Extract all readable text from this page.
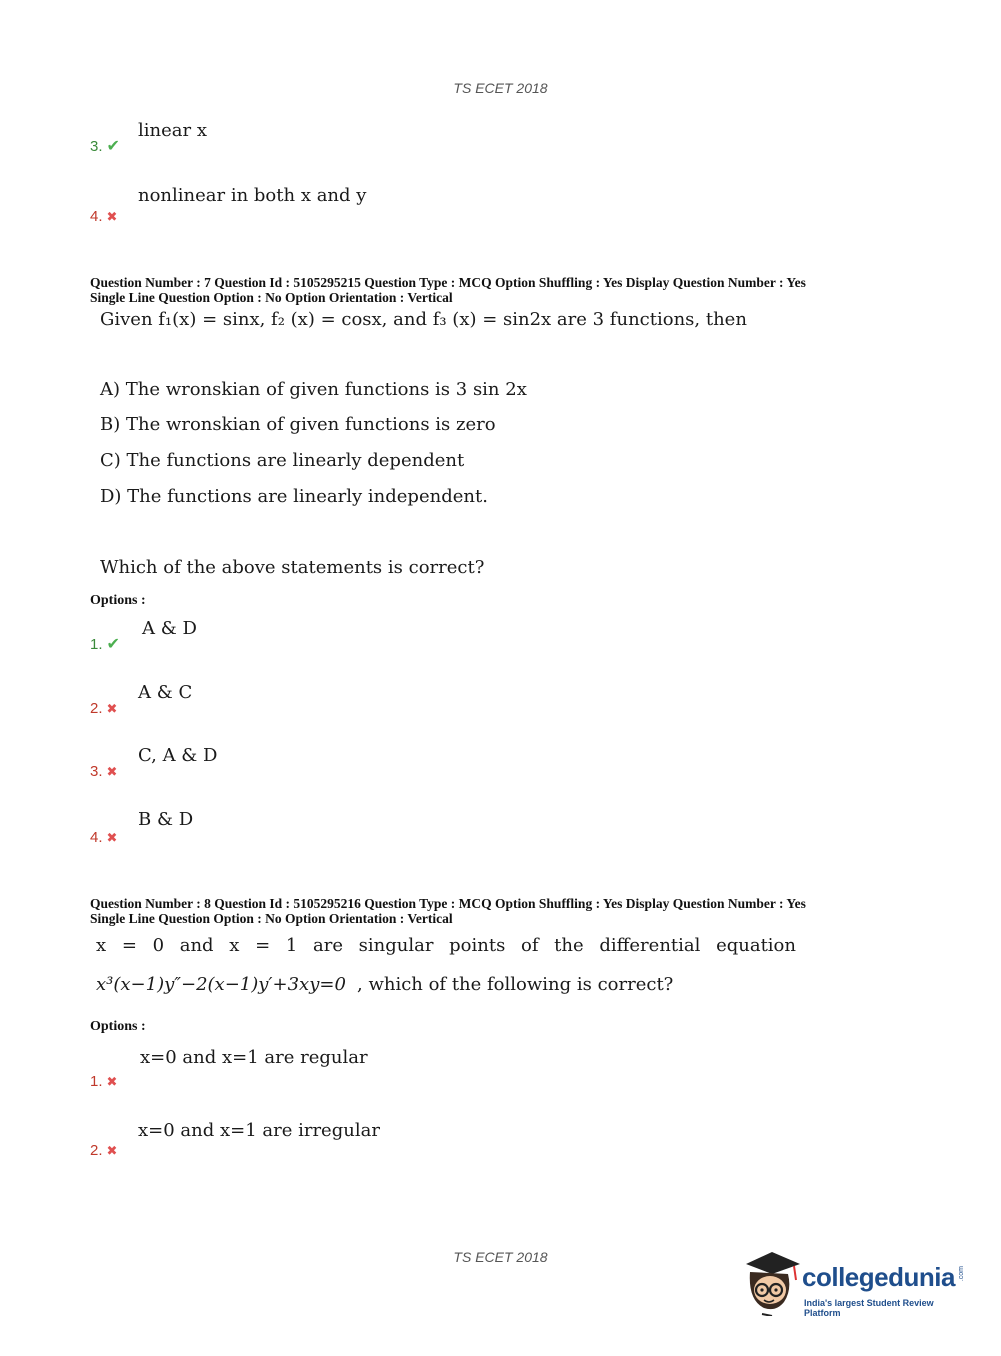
TS ECET 2018
linear x
3. ✔
nonlinear in both x and y
4. ✖
Question Number : 7 Question Id : 5105295215 Question Type : MCQ Option Shuffling : Yes Display Question Number : Yes
Single Line Question Option : No Option Orientation : Vertical
Given f₁(x) = sinx, f₂ (x) = cosx, and f₃ (x) = sin2x are 3 functions, then
A) The wronskian of given functions is 3 sin 2x
B) The wronskian of given functions is zero
C) The functions are linearly dependent
D) The functions are linearly independent.
Which of the above statements is correct?
Options :
A & D
1. ✔
A & C
2. ✖
C, A & D
3. ✖
B & D
4. ✖
Question Number : 8 Question Id : 5105295216 Question Type : MCQ Option Shuffling : Yes Display Question Number : Yes
Single Line Question Option : No Option Orientation : Vertical
x = 0 and x = 1 are singular points of the differential equation
x³(x−1)y″−2(x−1)y′+3xy=0 , which of the following is correct?
Options :
x=0 and x=1 are regular
1. ✖
x=0 and x=1 are irregular
2. ✖
TS ECET 2018
collegedunia .com
India's largest Student Review Platform
